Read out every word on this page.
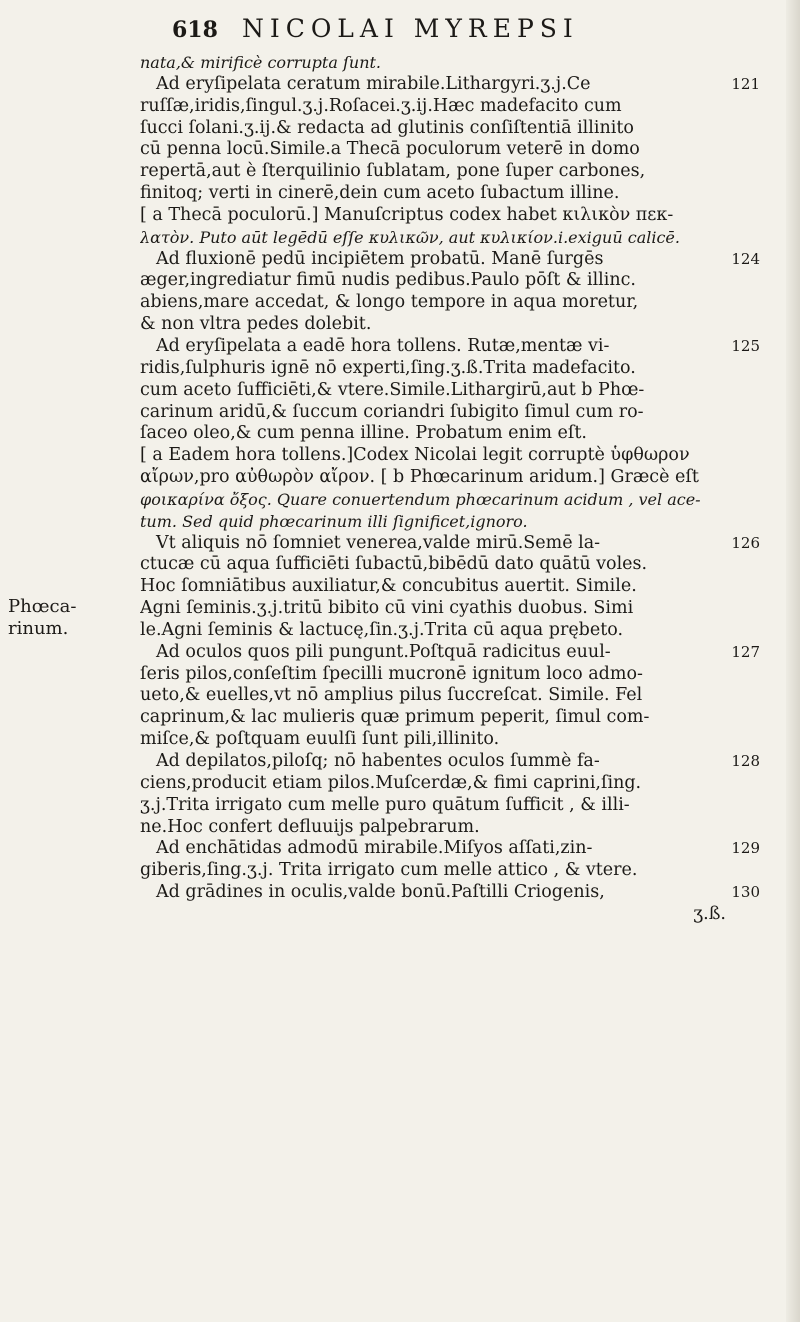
618 NICOLAI MYREPSI
Phœca-
rinum.
nata,& mirificè corrupta ſunt.
Ad eryſipelata ceratum mirabile.Lithargyri.ʒ.j.Ce	121
ruſſæ,iridis,ſingul.ʒ.j.Roſacei.ʒ.ij.Hæc madefacito cum
ſucci ſolani.ʒ.ij.& redacta ad glutinis conſiſtentiā illinito
cū penna locū.Simile.a Thecā poculorum veterē in domo
repertā,aut è ſterquilinio ſublatam, pone ſuper carbones,
finitoq; verti in cinerē,dein cum aceto ſubactum illine.
[ a Thecā poculorū.] Manuſcriptus codex habet κιλικὸν πεκ-
λατὸν. Puto aūt legēdū eſſe κυλικῶν, aut κυλικίον.i.exiguū calicē.
Ad fluxionē pedū incipiētem probatū. Manē ſurgēs	124
æger,ingrediatur fimū nudis pedibus.Paulo pōſt & illinc.
abiens,mare accedat, & longo tempore in aqua moretur,
& non vltra pedes dolebit.
Ad eryſipelata a eadē hora tollens. Rutæ,mentæ vi-	125
ridis,ſulphuris ignē nō experti,ſing.ʒ.ß.Trita madefacito.
cum aceto ſufficiēti,& vtere.Simile.Lithargirū,aut b Phœ-
carinum aridū,& ſuccum coriandri ſubigito ſimul cum ro-
ſaceo oleo,& cum penna illine. Probatum enim eſt.
[ a Eadem hora tollens.]Codex Nicolai legit corruptè ὑφθωρον
αἴρων,pro αὐθωρὸν αἴρον. [ b Phœcarinum aridum.] Græcè eſt
φοικαρίνα ὄξος. Quare conuertendum phœcarinum acidum , vel ace-
tum. Sed quid phœcarinum illi ſignificet,ignoro.
Vt aliquis nō ſomniet venerea,valde mirū.Semē la-	126
ctucæ cū aqua ſufficiēti ſubactū,bibēdū dato quātū voles.
Hoc ſomniātibus auxiliatur,& concubitus auertit. Simile.
Agni ſeminis.ʒ.j.tritū bibito cū vini cyathis duobus. Simi
le.Agni ſeminis & lactucę,ſin.ʒ.j.Trita cū aqua prębeto.
Ad oculos quos pili pungunt.Poſtquā radicitus euul-	127
ſeris pilos,conſeſtim ſpecilli mucronē ignitum loco admo-
ueto,& euelles,vt nō amplius pilus ſuccreſcat. Simile. Fel
caprinum,& lac mulieris quæ primum peperit, ſimul com-
miſce,& poſtquam euulſi ſunt pili,illinito.
Ad depilatos,piloſq; nō habentes oculos ſummè fa-	128
ciens,producit etiam pilos.Muſcerdæ,& fimi caprini,ſing.
ʒ.j.Trita irrigato cum melle puro quātum ſufficit , & illi-
ne.Hoc confert defluuijs palpebrarum.
Ad enchātidas admodū mirabile.Miſyos aſſati,zin-	129
giberis,ſing.ʒ.j. Trita irrigato cum melle attico , & vtere.
Ad grādines in oculis,valde bonū.Paſtilli Criogenis,	130
ʒ.ß.
